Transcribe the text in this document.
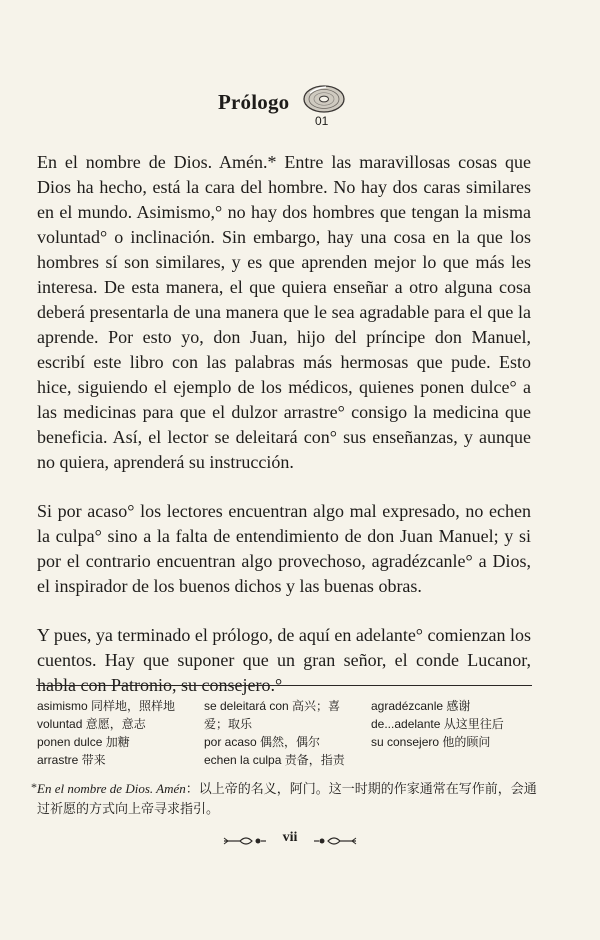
Prólogo
01

En el nombre de Dios. Amén.* Entre las maravillosas cosas que Dios ha hecho, está la cara del hombre. No hay dos caras similares en el mundo. Asimismo,° no hay dos hombres que tengan la misma voluntad° o inclinación. Sin embargo, hay una cosa en la que los hombres sí son similares, y es que aprenden mejor lo que más les interesa. De esta manera, el que quiera enseñar a otro alguna cosa deberá presentarla de una manera que le sea agradable para el que la aprende. Por esto yo, don Juan, hijo del príncipe don Manuel, escribí este libro con las palabras más hermosas que pude. Esto hice, siguiendo el ejemplo de los médicos, quienes ponen dulce° a las medicinas para que el dulzor arrastre° consigo la medicina que beneficia. Así, el lector se deleitará con° sus enseñanzas, y aunque no quiera, aprenderá su instrucción.

Si por acaso° los lectores encuentran algo mal expresado, no echen la culpa° sino a la falta de entendimiento de don Juan Manuel; y si por el contrario encuentran algo provechoso, agradézcanle° a Dios, el inspirador de los buenos dichos y las buenas obras.

Y pues, ya terminado el prólogo, de aquí en adelante° comienzan los cuentos. Hay que suponer que un gran señor, el conde Lucanor, habla con Patronio, su consejero.°

asimismo 同样地，照样地
voluntad 意愿，意志
ponen dulce 加糖
arrastre 带来
se deleitará con 高兴；喜
爱；取乐
por acaso 偶然，偶尔
echen la culpa 责备，指责
agradézcanle 感谢
de...adelante 从这里往后
su consejero 他的顾问
* En el nombre de Dios. Amén：以上帝的名义，阿门。这一时期的作家通常在写作前，会通过祈愿的方式向上帝寻求指引。
vii
